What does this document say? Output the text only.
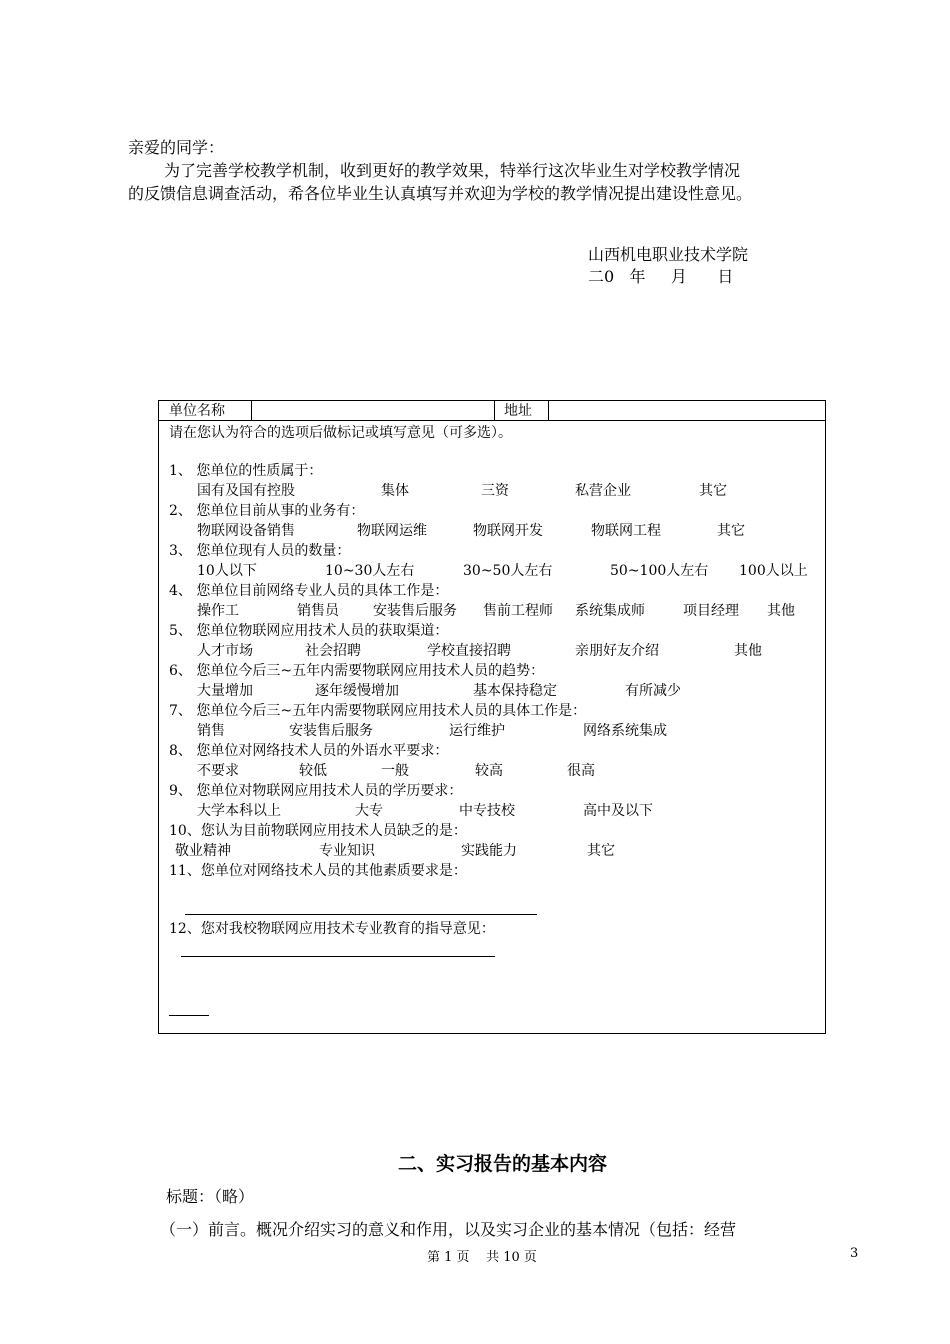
亲爱的同学：
为了完善学校教学机制，收到更好的教学效果，特举行这次毕业生对学校教学情况
的反馈信息调查活动，希各位毕业生认真填写并欢迎为学校的教学情况提出建设性意见。
山西机电职业技术学院
二0   年     月      日
单位名称	地址
请在您认为符合的选项后做标记或填写意见（可多选）。
1、 您单位的性质属于：
国有及国有控股	集体	三资	私营企业	其它
2、 您单位目前从事的业务有：
物联网设备销售	物联网运维	物联网开发	物联网工程	其它
3、 您单位现有人员的数量：
10人以下	10~30人左右	30~50人左右	50~100人左右 100人以上
4、 您单位目前网络专业人员的具体工作是：
操作工	销售员 安装售后服务 售前工程师 系统集成师	项目经理 其他
5、 您单位物联网应用技术人员的获取渠道：
人才市场	社会招聘	学校直接招聘	亲朋好友介绍	其他
6、 您单位今后三~五年内需要物联网应用技术人员的趋势：
大量增加	逐年缓慢增加	基本保持稳定	有所减少
7、 您单位今后三~五年内需要物联网应用技术人员的具体工作是：
销售	安装售后服务	运行维护	网络系统集成
8、 您单位对网络技术人员的外语水平要求：
不要求	较低	一般	较高	很高
9、 您单位对物联网应用技术人员的学历要求：
大学本科以上	大专	中专技校	高中及以下
10、您认为目前物联网应用技术人员缺乏的是：
敬业精神	专业知识	实践能力	其它
11、您单位对网络技术人员的其他素质要求是：
12、您对我校物联网应用技术专业教育的指导意见：
二、实习报告的基本内容
标题：（略）
（一）前言。概况介绍实习的意义和作用，以及实习企业的基本情况（包括：经营
第 1 页    共 10 页	3
